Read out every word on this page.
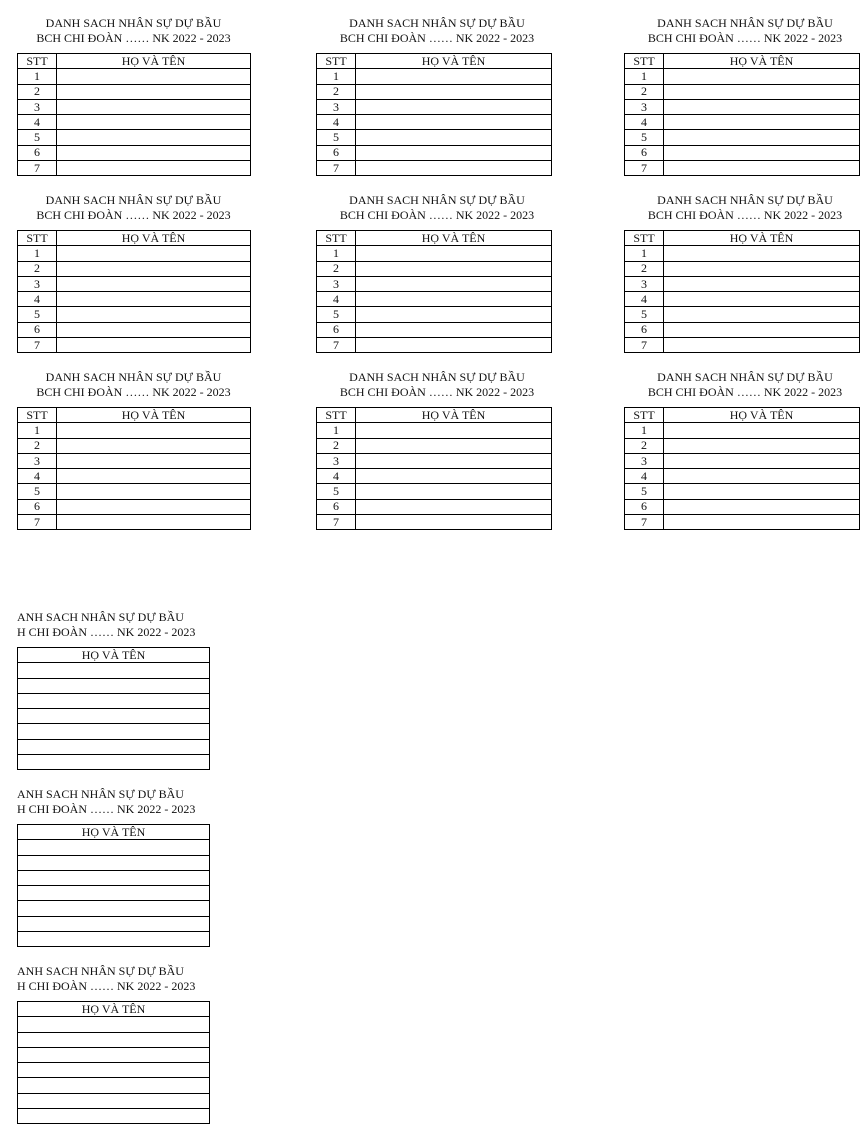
DANH SACH NHÂN SỰ DỰ BẦU
BCH CHI ĐOÀN …… NK 2022 - 2023
STT	HỌ VÀ TÊN
1	
2	
3	
4	
5	
6	
7	
DANH SACH NHÂN SỰ DỰ BẦU
BCH CHI ĐOÀN …… NK 2022 - 2023
STT	HỌ VÀ TÊN
1	
2	
3	
4	
5	
6	
7	
DANH SACH NHÂN SỰ DỰ BẦU
BCH CHI ĐOÀN …… NK 2022 - 2023
STT	HỌ VÀ TÊN
1	
2	
3	
4	
5	
6	
7	
DANH SACH NHÂN SỰ DỰ BẦU
BCH CHI ĐOÀN …… NK 2022 - 2023
STT	HỌ VÀ TÊN
1	
2	
3	
4	
5	
6	
7	
DANH SACH NHÂN SỰ DỰ BẦU
BCH CHI ĐOÀN …… NK 2022 - 2023
STT	HỌ VÀ TÊN
1	
2	
3	
4	
5	
6	
7	
DANH SACH NHÂN SỰ DỰ BẦU
BCH CHI ĐOÀN …… NK 2022 - 2023
STT	HỌ VÀ TÊN
1	
2	
3	
4	
5	
6	
7	
DANH SACH NHÂN SỰ DỰ BẦU
BCH CHI ĐOÀN …… NK 2022 - 2023
STT	HỌ VÀ TÊN
1	
2	
3	
4	
5	
6	
7	
DANH SACH NHÂN SỰ DỰ BẦU
BCH CHI ĐOÀN …… NK 2022 - 2023
STT	HỌ VÀ TÊN
1	
2	
3	
4	
5	
6	
7	
DANH SACH NHÂN SỰ DỰ BẦU
BCH CHI ĐOÀN …… NK 2022 - 2023
STT	HỌ VÀ TÊN
1	
2	
3	
4	
5	
6	
7	
ANH SACH NHÂN SỰ DỰ BẦU
H CHI ĐOÀN …… NK 2022 - 2023
HỌ VÀ TÊN

ANH SACH NHÂN SỰ DỰ BẦU
H CHI ĐOÀN …… NK 2022 - 2023
HỌ VÀ TÊN

ANH SACH NHÂN SỰ DỰ BẦU
H CHI ĐOÀN …… NK 2022 - 2023
HỌ VÀ TÊN
